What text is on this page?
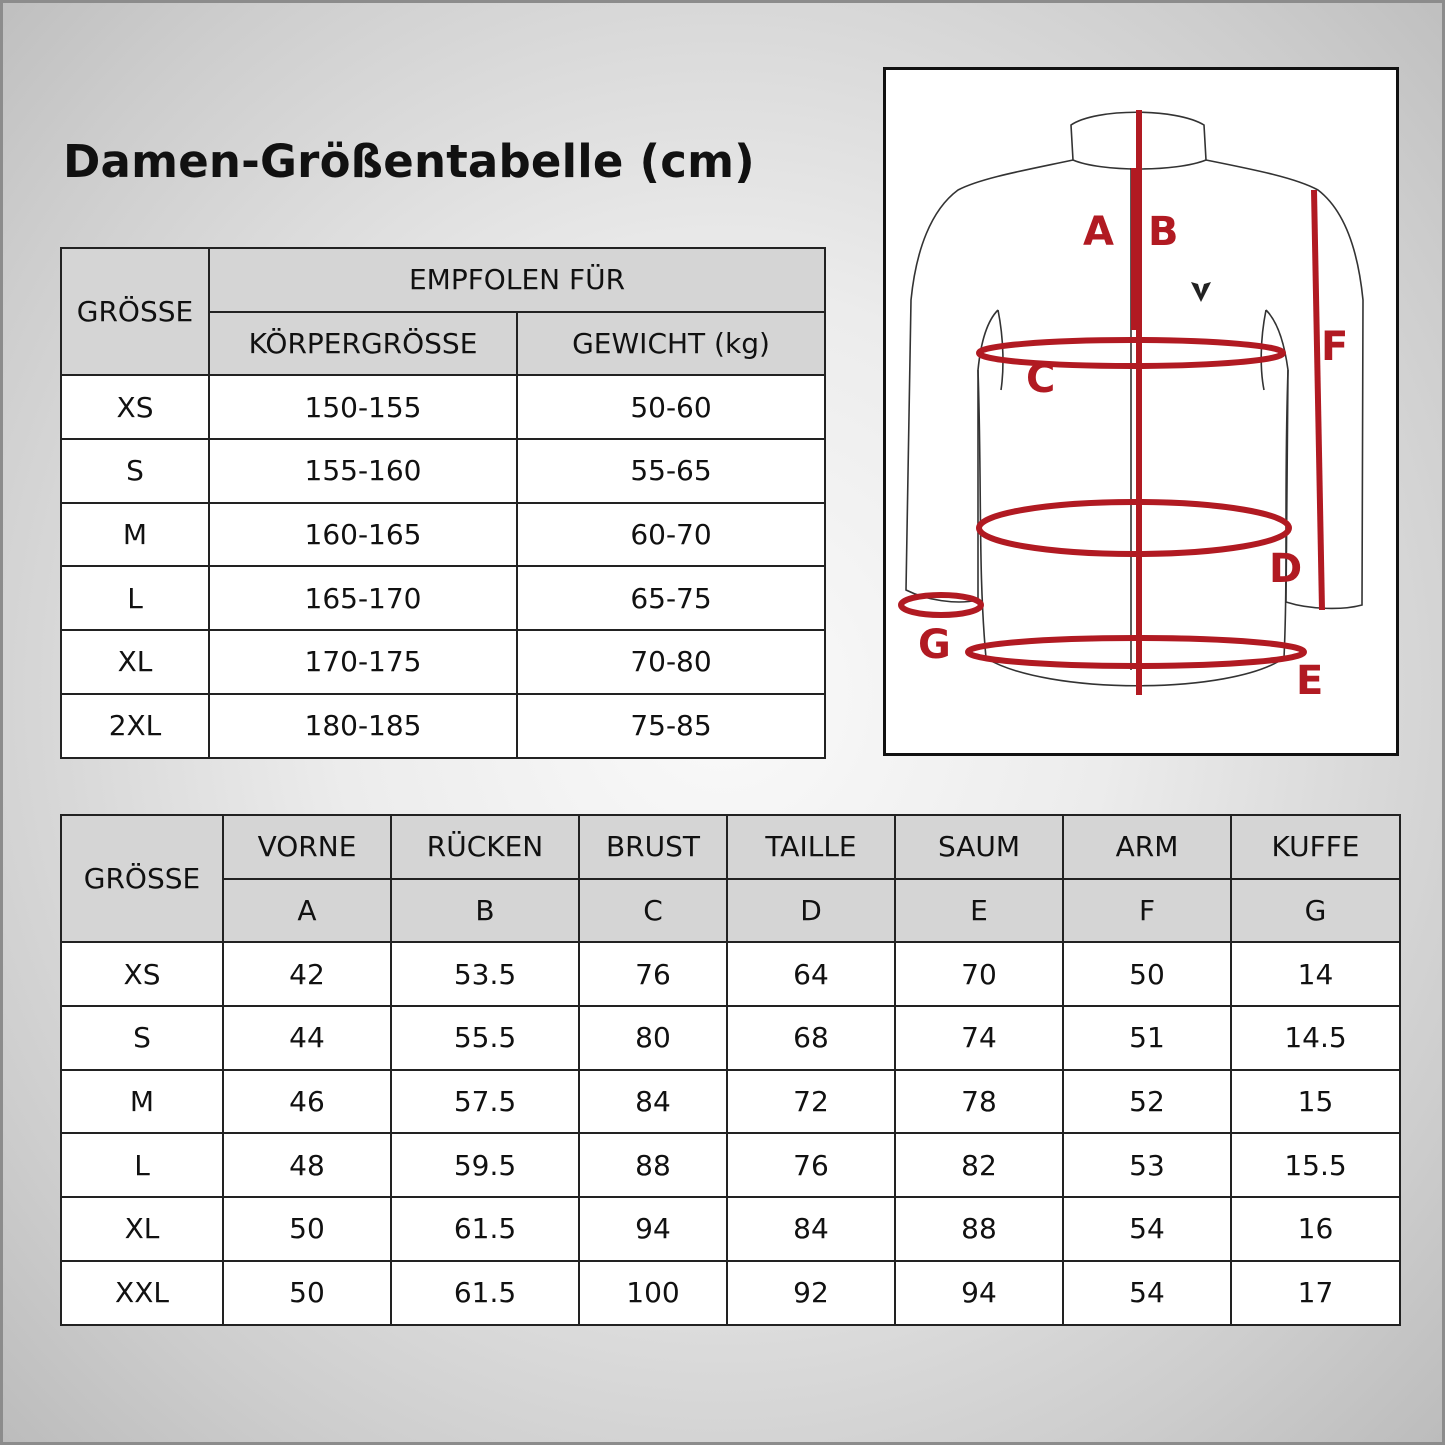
Damen-Größentabelle (cm)
GRÖSSE	EMPFOLEN FÜR	
	KÖRPERGRÖSSE	GEWICHT (kg)
XS	150-155	50-60
S	155-160	55-65
M	160-165	60-70
L	165-170	65-75
XL	170-175	70-80
2XL	180-185	75-85
A B
C
D
E
F
G
GRÖSSE	VORNE	RÜCKEN	BRUST	TAILLE	SAUM	ARM	KUFFE
	A	B	C	D	E	F	G
XS	42	53.5	76	64	70	50	14
S	44	55.5	80	68	74	51	14.5
M	46	57.5	84	72	78	52	15
L	48	59.5	88	76	82	53	15.5
XL	50	61.5	94	84	88	54	16
XXL	50	61.5	100	92	94	54	17
